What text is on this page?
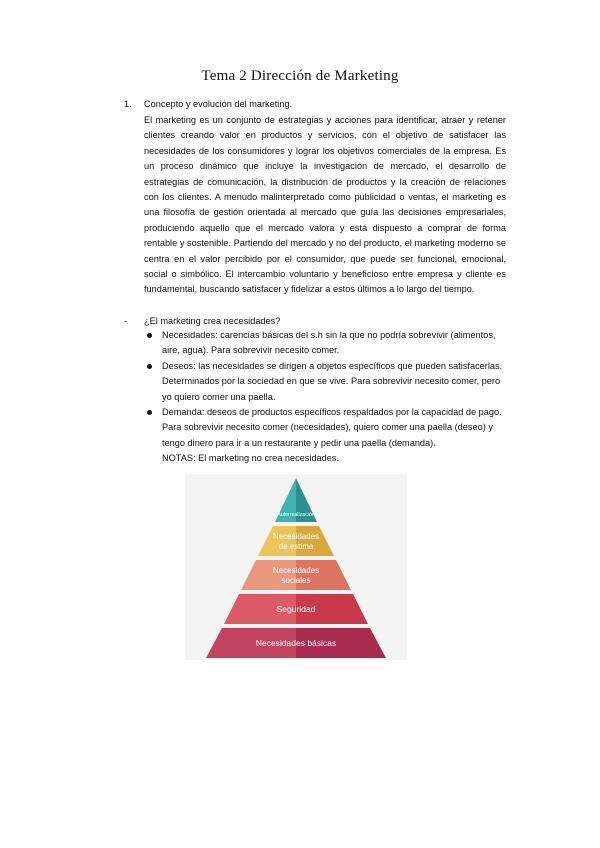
Tema 2 Dirección de Marketing
1. Concepto y evolución del marketing.
El marketing es un conjunto de estrategias y acciones para identificar, atraer y retener clientes creando valor en productos y servicios, con el objetivo de satisfacer las necesidades de los consumidores y lograr los objetivos comerciales de la empresa. Es un proceso dinámico que incluye la investigación de mercado, el desarrollo de estrategias de comunicación, la distribución de productos y la creación de relaciones con los clientes. A menudo malinterpretado como publicidad o ventas, el marketing es una filosofía de gestión orientada al mercado que guía las decisiones empresariales, produciendo aquello que el mercado valora y está dispuesto a comprar de forma rentable y sostenible. Partiendo del mercado y no del producto, el marketing moderno se centra en el valor percibido por el consumidor, que puede ser funcional, emocional, social o simbólico. El intercambio voluntario y beneficioso entre empresa y cliente es fundamental, buscando satisfacer y fidelizar a estos últimos a lo largo del tiempo.
- ¿El marketing crea necesidades?
Necesidades: carencias básicas del s.h sin la que no podría sobrevivir (alimentos, aire, agua). Para sobrevivir necesito comer.
Deseos: las necesidades se dirigen a objetos específicos que pueden satisfacerlas. Determinados por la sociedad en que se vive. Para sobrevivir necesito comer, pero yo quiero comer una paella.
Demanda: deseos de productos específicos respaldados por la capacidad de pago. Para sobrevivir necesito comer (necesidades), quiero comer una paella (deseo) y tengo dinero para ir a un restaurante y pedir una paella (demanda).
NOTAS: El marketing no crea necesidades.
Autorrealización
Necesidades
de estima
Necesidades
sociales
Seguridad
Necesidades básicas
